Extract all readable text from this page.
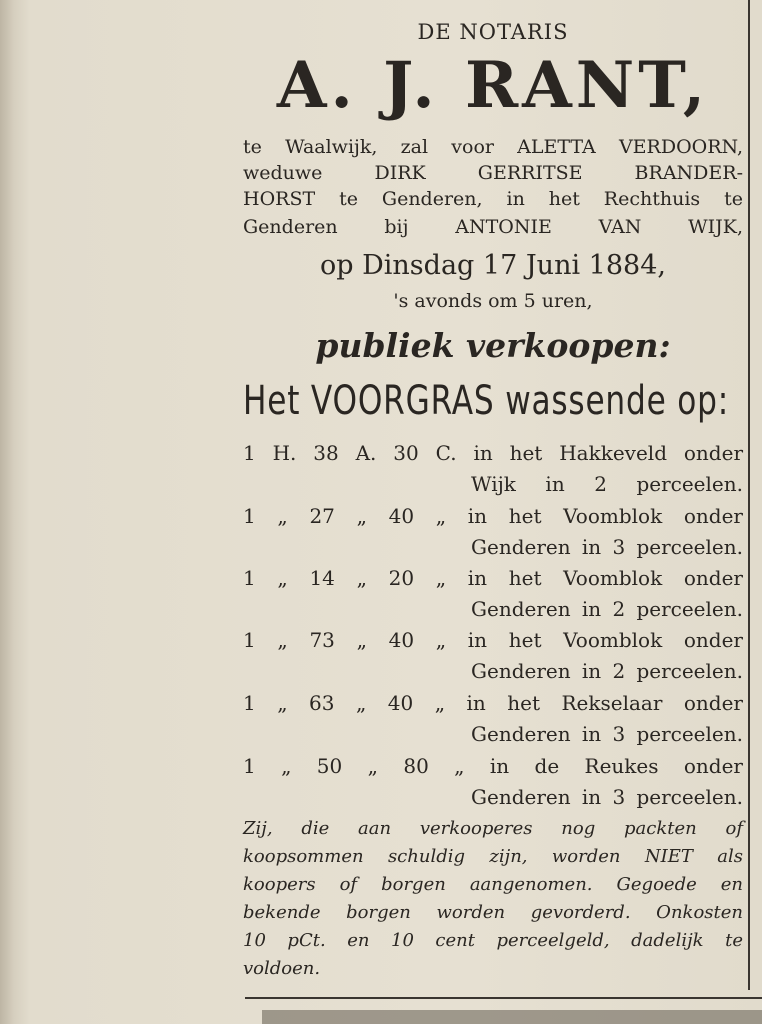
DE NOTARIS
A. J. RANT,
te Waalwijk, zal voor ALETTA VERDOORN,
weduwe DIRK GERRITSE BRANDER-
HORST te Genderen, in het Rechthuis te
Genderen bij ANTONIE VAN WIJK,
op Dinsdag 17 Juni 1884,
's avonds om 5 uren,
publiek verkoopen:
Het VOORGRAS wassende op:
1 H. 38 A. 30 C. in het Hakkeveld onder
Wijk in 2 perceelen.
1 „ 27 „ 40 „ in het Voomblok onder
Genderen in 3 perceelen.
1 „ 14 „ 20 „ in het Voomblok onder
Genderen in 2 perceelen.
1 „ 73 „ 40 „ in het Voomblok onder
Genderen in 2 perceelen.
1 „ 63 „ 40 „ in het Rekselaar onder
Genderen in 3 perceelen.
1 „ 50 „ 80 „ in de Reukes onder
Genderen in 3 perceelen.
Zij, die aan verkooperes nog packten of
koopsommen schuldig zijn, worden NIET als
koopers of borgen aangenomen. Gegoede en
bekende borgen worden gevorderd. Onkosten
10 pCt. en 10 cent perceelgeld, dadelijk te
voldoen.
